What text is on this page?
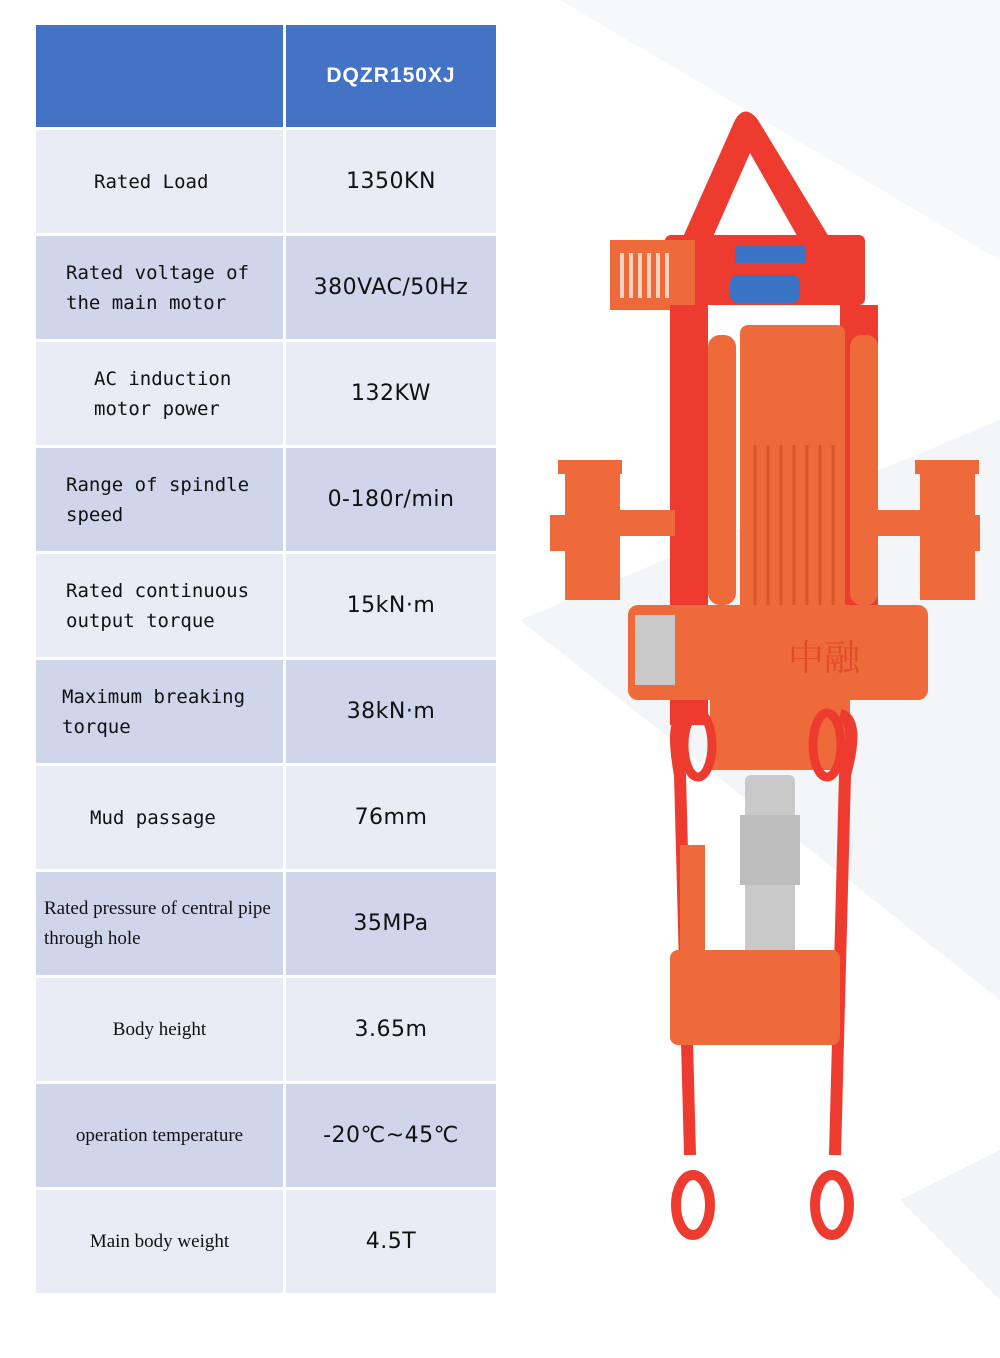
	DQZR150XJ

Rated Load	1350KN

Rated voltage of the main motor	380VAC/50Hz

AC induction motor power	132KW

Range of spindle speed	0-180r/min

Rated continuous output torque	15kN·m

Maximum breaking torque	38kN·m

Mud passage	76mm

Rated pressure of central pipe through hole	35MPa

Body height	3.65m

operation temperature	-20℃~45℃

Main body weight	4.5T
中融
